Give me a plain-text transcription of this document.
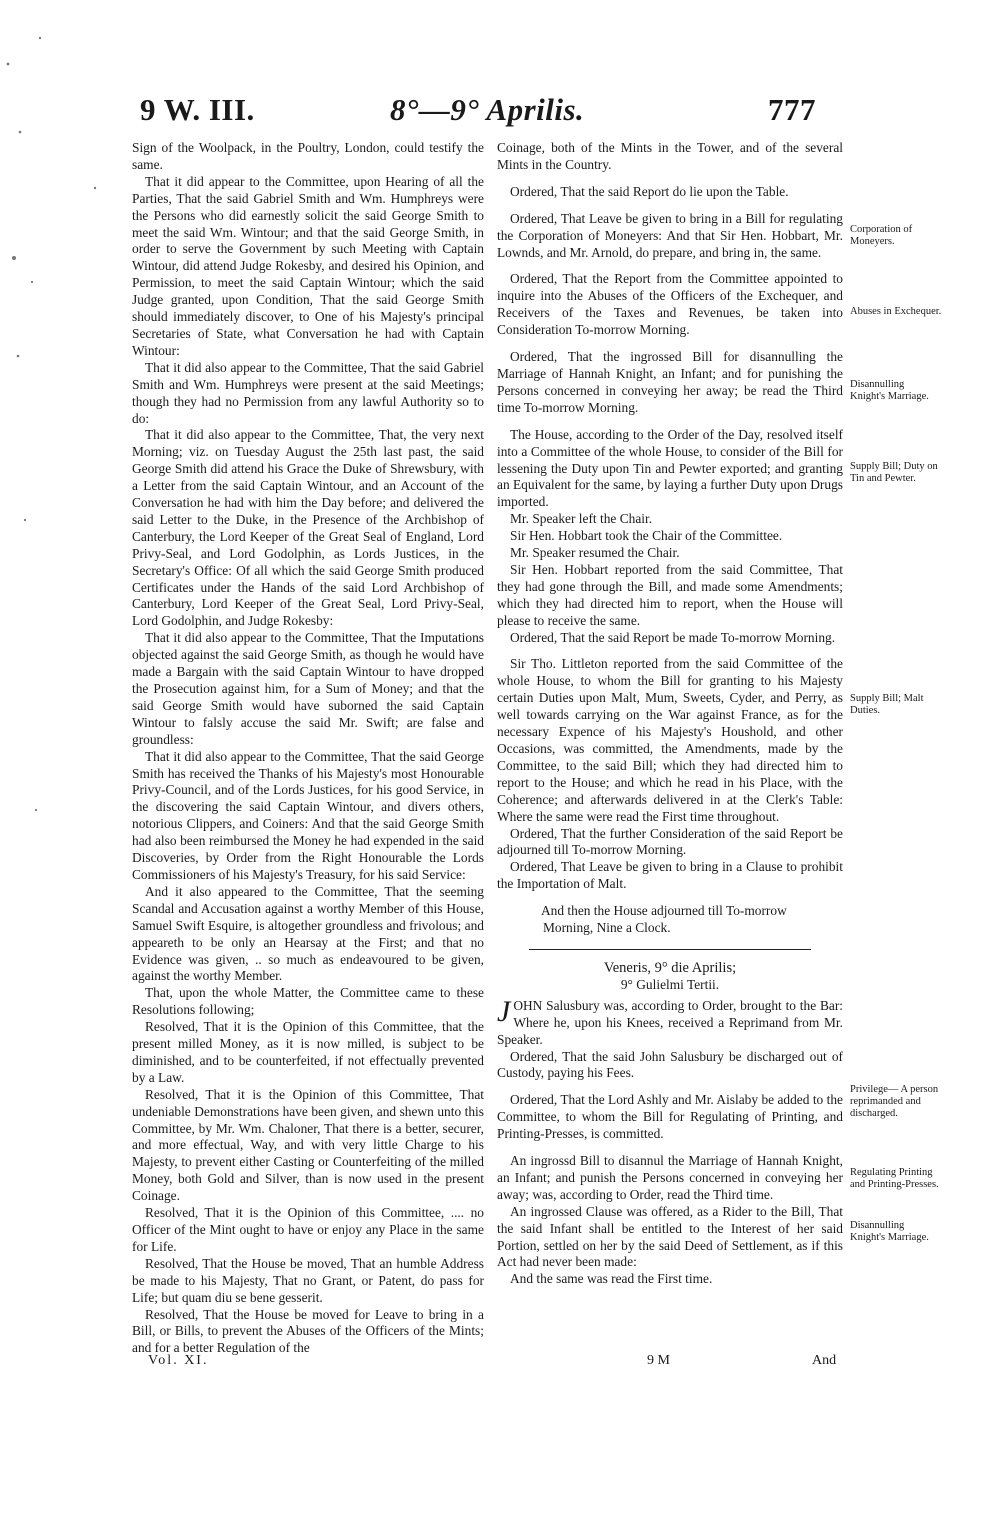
9 W. III.	8°—9° Aprilis.	777

Sign of the Woolpack, in the Poultry, London, could testify the same.

That it did appear to the Committee, upon Hearing of all the Parties, That the said Gabriel Smith and Wm. Humphreys were the Persons who did earnestly solicit the said George Smith to meet the said Wm. Wintour; and that the said George Smith, in order to serve the Government by such Meeting with Captain Wintour, did attend Judge Rokesby, and desired his Opinion, and Permission, to meet the said Captain Wintour; which the said Judge granted, upon Condition, That the said George Smith should immediately discover, to One of his Majesty's principal Secretaries of State, what Conversation he had with Captain Wintour:

That it did also appear to the Committee, That the said Gabriel Smith and Wm. Humphreys were present at the said Meetings; though they had no Permission from any lawful Authority so to do:

That it did also appear to the Committee, That, the very next Morning; viz. on Tuesday August the 25th last past, the said George Smith did attend his Grace the Duke of Shrewsbury, with a Letter from the said Captain Wintour, and an Account of the Conversation he had with him the Day before; and delivered the said Letter to the Duke, in the Presence of the Archbishop of Canterbury, the Lord Keeper of the Great Seal of England, Lord Privy-Seal, and Lord Godolphin, as Lords Justices, in the Secretary's Office: Of all which the said George Smith produced Certificates under the Hands of the said Lord Archbishop of Canterbury, Lord Keeper of the Great Seal, Lord Privy-Seal, Lord Godolphin, and Judge Rokesby:

That it did also appear to the Committee, That the Imputations objected against the said George Smith, as though he would have made a Bargain with the said Captain Wintour to have dropped the Prosecution against him, for a Sum of Money; and that the said George Smith would have suborned the said Captain Wintour to falsly accuse the said Mr. Swift; are false and groundless:

That it did also appear to the Committee, That the said George Smith has received the Thanks of his Majesty's most Honourable Privy-Council, and of the Lords Justices, for his good Service, in the discovering the said Captain Wintour, and divers others, notorious Clippers, and Coiners: And that the said George Smith had also been reimbursed the Money he had expended in the said Discoveries, by Order from the Right Honourable the Lords Commissioners of his Majesty's Treasury, for his said Service:

And it also appeared to the Committee, That the seeming Scandal and Accusation against a worthy Member of this House, Samuel Swift Esquire, is altogether groundless and frivolous; and appeareth to be only an Hearsay at the First; and that no Evidence was given, .. so much as endeavoured to be given, against the worthy Member.

That, upon the whole Matter, the Committee came to these Resolutions following;

Resolved, That it is the Opinion of this Committee, that the present milled Money, as it is now milled, is subject to be diminished, and to be counterfeited, if not effectually prevented by a Law.

Resolved, That it is the Opinion of this Committee, That undeniable Demonstrations have been given, and shewn unto this Committee, by Mr. Wm. Chaloner, That there is a better, securer, and more effectual, Way, and with very little Charge to his Majesty, to prevent either Casting or Counterfeiting of the milled Money, both Gold and Silver, than is now used in the present Coinage.

Resolved, That it is the Opinion of this Committee, .... no Officer of the Mint ought to have or enjoy any Place in the same for Life.

Resolved, That the House be moved, That an humble Address be made to his Majesty, That no Grant, or Patent, do pass for Life; but quam diu se bene gesserit.

Resolved, That the House be moved for Leave to bring in a Bill, or Bills, to prevent the Abuses of the Officers of the Mints; and for a better Regulation of the

Coinage, both of the Mints in the Tower, and of the several Mints in the Country.

Ordered, That the said Report do lie upon the Table.

Ordered, That Leave be given to bring in a Bill for regulating the Corporation of Moneyers: And that Sir Hen. Hobbart, Mr. Lownds, and Mr. Arnold, do prepare, and bring in, the same.

Ordered, That the Report from the Committee appointed to inquire into the Abuses of the Officers of the Exchequer, and Receivers of the Taxes and Revenues, be taken into Consideration To-morrow Morning.

Ordered, That the ingrossed Bill for disannulling the Marriage of Hannah Knight, an Infant; and for punishing the Persons concerned in conveying her away; be read the Third time To-morrow Morning.

The House, according to the Order of the Day, resolved itself into a Committee of the whole House, to consider of the Bill for lessening the Duty upon Tin and Pewter exported; and granting an Equivalent for the same, by laying a further Duty upon Drugs imported.

Mr. Speaker left the Chair.

Sir Hen. Hobbart took the Chair of the Committee.

Mr. Speaker resumed the Chair.

Sir Hen. Hobbart reported from the said Committee, That they had gone through the Bill, and made some Amendments; which they had directed him to report, when the House will please to receive the same.

Ordered, That the said Report be made To-morrow Morning.

Sir Tho. Littleton reported from the said Committee of the whole House, to whom the Bill for granting to his Majesty certain Duties upon Malt, Mum, Sweets, Cyder, and Perry, as well towards carrying on the War against France, as for the necessary Expence of his Majesty's Houshold, and other Occasions, was committed, the Amendments, made by the Committee, to the said Bill; which they had directed him to report to the House; and which he read in his Place, with the Coherence; and afterwards delivered in at the Clerk's Table: Where the same were read the First time throughout.

Ordered, That the further Consideration of the said Report be adjourned till To-morrow Morning.

Ordered, That Leave be given to bring in a Clause to prohibit the Importation of Malt.

And then the House adjourned till To-morrow

Morning, Nine a Clock.

Veneris, 9° die Aprilis;

9° Gulielmi Tertii.

JOHN Salusbury was, according to Order, brought to the Bar: Where he, upon his Knees, received a Reprimand from Mr. Speaker.

Ordered, That the said John Salusbury be discharged out of Custody, paying his Fees.

Ordered, That the Lord Ashly and Mr. Aislaby be added to the Committee, to whom the Bill for Regulating of Printing, and Printing-Presses, is committed.

An ingrossd Bill to disannul the Marriage of Hannah Knight, an Infant; and punish the Persons concerned in conveying her away; was, according to Order, read the Third time.

An ingrossed Clause was offered, as a Rider to the Bill, That the said Infant shall be entitled to the Interest of her said Portion, settled on her by the said Deed of Settlement, as if this Act had never been made:

And the same was read the First time.

Corporation of Moneyers.
Abuses in Exchequer.
Disannulling Knight's Marriage.
Supply Bill; Duty on Tin and Pewter.
Supply Bill; Malt Duties.
Privilege— A person reprimanded and discharged.
Regulating Printing and Printing-Presses.
Disannulling Knight's Marriage.
Vol. XI.	9 M	And
